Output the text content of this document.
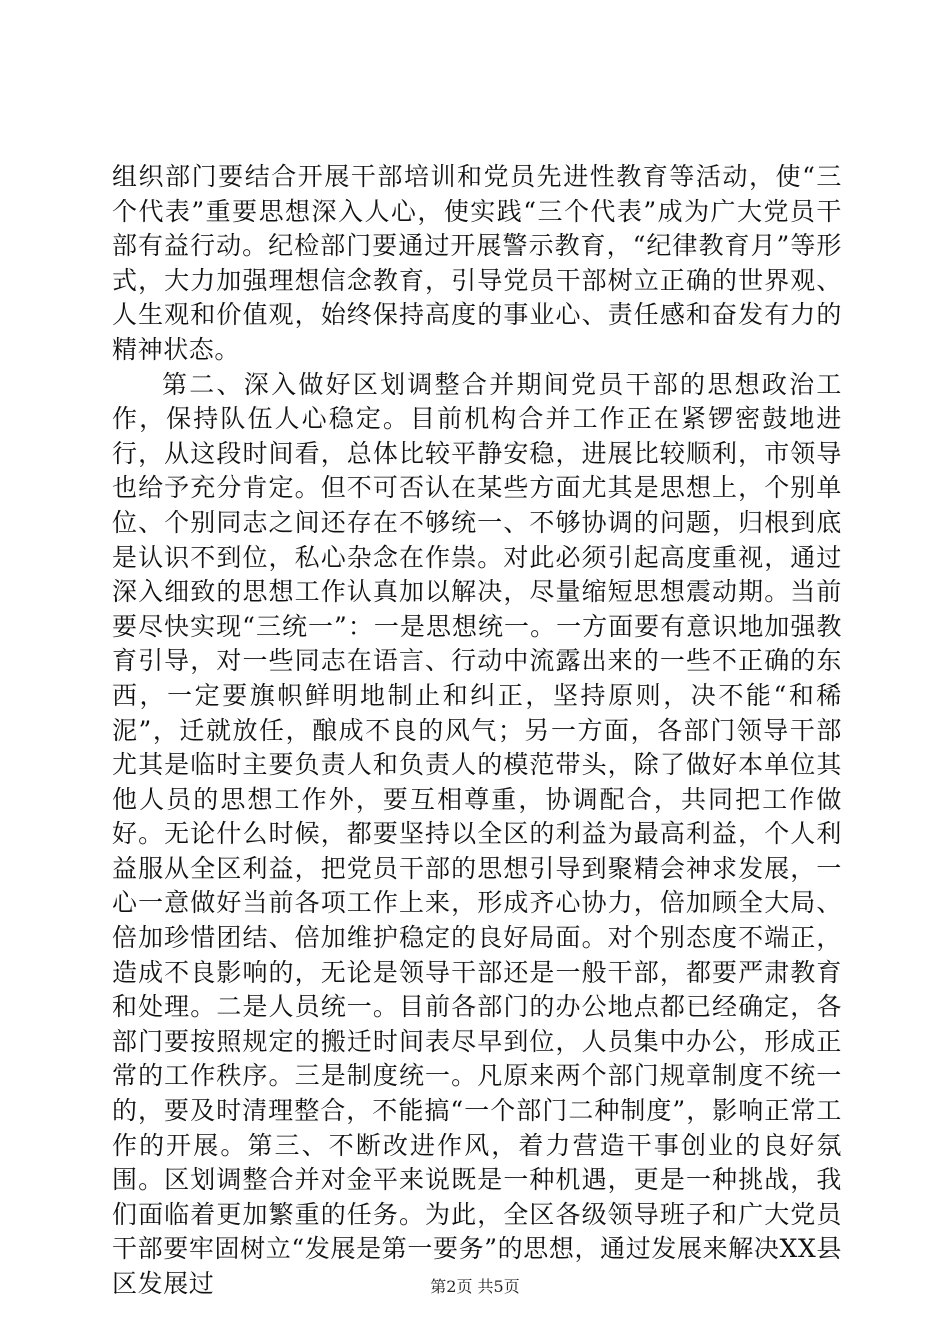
组织部门要结合开展干部培训和党员先进性教育等活动，使“三个代表”重要思想深入人心，使实践“三个代表”成为广大党员干部有益行动。纪检部门要通过开展警示教育，“纪律教育月”等形式，大力加强理想信念教育，引导党员干部树立正确的世界观、人生观和价值观，始终保持高度的事业心、责任感和奋发有力的精神状态。

第二、深入做好区划调整合并期间党员干部的思想政治工作，保持队伍人心稳定。目前机构合并工作正在紧锣密鼓地进行，从这段时间看，总体比较平静安稳，进展比较顺利，市领导也给予充分肯定。但不可否认在某些方面尤其是思想上，个别单位、个别同志之间还存在不够统一、不够协调的问题，归根到底是认识不到位，私心杂念在作祟。对此必须引起高度重视，通过深入细致的思想工作认真加以解决，尽量缩短思想震动期。当前要尽快实现“三统一”：一是思想统一。一方面要有意识地加强教育引导，对一些同志在语言、行动中流露出来的一些不正确的东西，一定要旗帜鲜明地制止和纠正，坚持原则，决不能“和稀泥”，迁就放任，酿成不良的风气；另一方面，各部门领导干部尤其是临时主要负责人和负责人的模范带头，除了做好本单位其他人员的思想工作外，要互相尊重，协调配合，共同把工作做好。无论什么时候，都要坚持以全区的利益为最高利益，个人利益服从全区利益，把党员干部的思想引导到聚精会神求发展，一心一意做好当前各项工作上来，形成齐心协力，倍加顾全大局、倍加珍惜团结、倍加维护稳定的良好局面。对个别态度不端正，造成不良影响的，无论是领导干部还是一般干部，都要严肃教育和处理。二是人员统一。目前各部门的办公地点都已经确定，各部门要按照规定的搬迁时间表尽早到位，人员集中办公，形成正常的工作秩序。三是制度统一。凡原来两个部门规章制度不统一的，要及时清理整合，不能搞“一个部门二种制度”，影响正常工作的开展。第三、不断改进作风，着力营造干事创业的良好氛围。区划调整合并对金平来说既是一种机遇，更是一种挑战，我们面临着更加繁重的任务。为此，全区各级领导班子和广大党员干部要牢固树立“发展是第一要务”的思想，通过发展来解决XX县区发展过	第2页 共5页
